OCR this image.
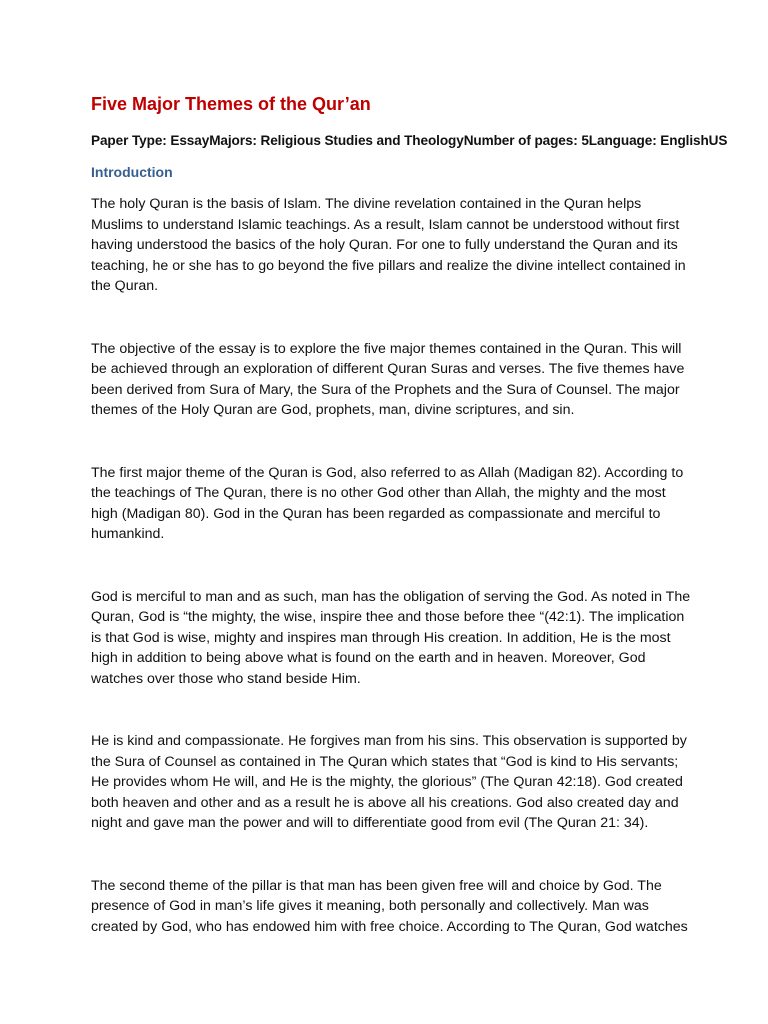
Five Major Themes of the Qur’an
Paper Type: EssayMajors: Religious Studies and TheologyNumber of pages: 5Language: EnglishUS
Introduction

The holy Quran is the basis of Islam. The divine revelation contained in the Quran helps Muslims to understand Islamic teachings. As a result, Islam cannot be understood without first having understood the basics of the holy Quran. For one to fully understand the Quran and its teaching, he or she has to go beyond the five pillars and realize the divine intellect contained in the Quran.

The objective of the essay is to explore the five major themes contained in the Quran. This will be achieved through an exploration of different Quran Suras and verses. The five themes have been derived from Sura of Mary, the Sura of the Prophets and the Sura of Counsel. The major themes of the Holy Quran are God, prophets, man, divine scriptures, and sin.

The first major theme of the Quran is God, also referred to as Allah (Madigan 82). According to the teachings of The Quran, there is no other God other than Allah, the mighty and the most high (Madigan 80). God in the Quran has been regarded as compassionate and merciful to humankind.

God is merciful to man and as such, man has the obligation of serving the God. As noted in The Quran, God is “the mighty, the wise, inspire thee and those before thee “(42:1). The implication is that God is wise, mighty and inspires man through His creation. In addition, He is the most high in addition to being above what is found on the earth and in heaven. Moreover, God watches over those who stand beside Him.

He is kind and compassionate. He forgives man from his sins. This observation is supported by the Sura of Counsel as contained in The Quran which states that “God is kind to His servants; He provides whom He will, and He is the mighty, the glorious” (The Quran 42:18). God created both heaven and other and as a result he is above all his creations. God also created day and night and gave man the power and will to differentiate good from evil (The Quran 21: 34).

The second theme of the pillar is that man has been given free will and choice by God. The presence of God in man’s life gives it meaning, both personally and collectively. Man was created by God, who has endowed him with free choice. According to The Quran, God watches
